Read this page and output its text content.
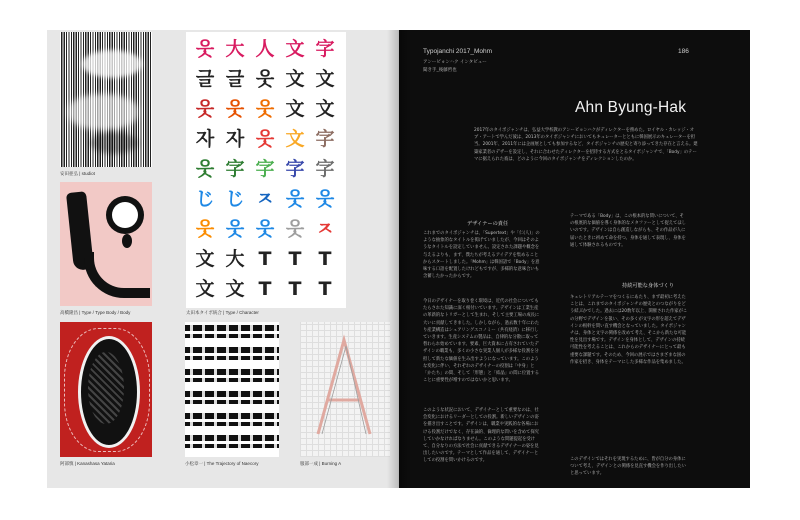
安田亜弘 | studiot
高橋隆昌 | Type / Type Body / Body
웃 大 人 文 字
글 글 웃 文 文
웃 웃 웃 文 文
자 자 웃 文 字
웃 字 字 字 字
じ じ ㅈ 웃 웃
웃 웃 웃 웃 ㅈ
文 大 T T T
文 文 T T T
太田本タイポ統合 | Type / Character
阿部慎 | Kanashasa Yataria	小松章一 | The Trajectory of Naecory	服部一成 | Burning A
Typojanchi 2017_Mohm	186
アンービョンハク インタビュー
聞き手_後藤哲也
Ahn Byung-Hak
2017年のタイポジャンチは、弘益大学校教のアンービョンハクがディレクターを務めた。ロイヤル・カレッジ・オブ・アートで学んだ彼は、2013年のタイポジャンチにおいてもキュレーターとともに韓国展示のキュレーターを担当。2001年、2011年には企画展としても参加するなど、タイポジャンチの歴史と寄り添ってきた存在と言える。建築家業者のデザーを設定し、それに合わせたディレクターを招待する方式をとるタイポジャンチで、「Body」のテーマに据えられた彼は、どのように今回のタイポジャンチをディレクションしたのか。
デザイナーの責任
これまでのタイポジャンチは、「Supertext」や「仁(人)」のような抽象的なタイトルを掲げていましたが、今回はそのようなタイトルを設定していません。設定された課題や概念を与えるよりも、まず、僕たちが考えるアイデアを集めることからスタートしました。「Mohm」は韓国語で「Body」を意味する口語を配置したけれどもですが、多様的な意味合いも含蓄したかったからです。
今日のデザイナーを取り巻く環境は、近代の社会についてもたらされた知識に深く根付いています。デザインは工業生産の革新的なトリガーとして生まれ、そして主要工場の成長に大いに貢献してきました。しかしながら、過去数十年にわたり産業構造はシェアリングエコノミー（共有経済）に移行していきます。生産システムの製品は、自律的な分散に取って替わられ始めています。要素、巨大資本に占有されていたデザインの職業も、多くの小さな実業人個人が多様な役割を分担して新たな価値を生み出すようになっています。このような変化に伴い、それぞれのデザイナーの役割は「中身」と「かたち」の間、そして「形態」と「結晶」の間に位置することに重要性が増すのではないかと思います。
このような状況において、デザイナーとして重要なのは、社会変化におけるリーダーとしての役割。新しいデザインの姿を描き出すことです。デザインは、職業や実践的な各場における役割だけでなく、存在論的、倫理的な問いを含めて探究していかなければなりません。このような問題提起を受けて、自分なりの方法で社会に貢献できるデザイナーの姿を見出したいのです。テーマとして作品を通して、デザイナーとしての役割を問いかけるのです。
テーマである「Body」は、この根本的な問いについて、その根底的な価値を導く身体的なメタファーとして捉えてほしいのです。デザインは自ら創造しながらも、その作品が人に届いたときに初めて命を持つ。身体を通して表現し、身体を通して体験されるものです。
持続可能な身体づくり
キュレトリアルテーマをつくるにあたり、まず最初に考えたことは、これまでのタイポジャンチの歴史とのつながりをどう結ぶかでした。過去には20数年以上、開催された作家がこの分野でデザインを扱い、その多くが文字の形を超えてデザインの根幹を問い直す機会となっていました。タイポジャンチは、身体と文字の関係を改めて考え、そこから新たな可能性を見出す場です。デザインを身体として、デザインの持続可能性を考えることは、これからのデザイナーにとって最も重要な課題です。そのため、今回の展示ではさまざまな国の作家を招き、身体をテーマにした多様な作品を集めました。
このデザインではそれを実現するために、皆が自分の身体について考え、デザインとの関係を見直す機会を作り出したいと思っています。
